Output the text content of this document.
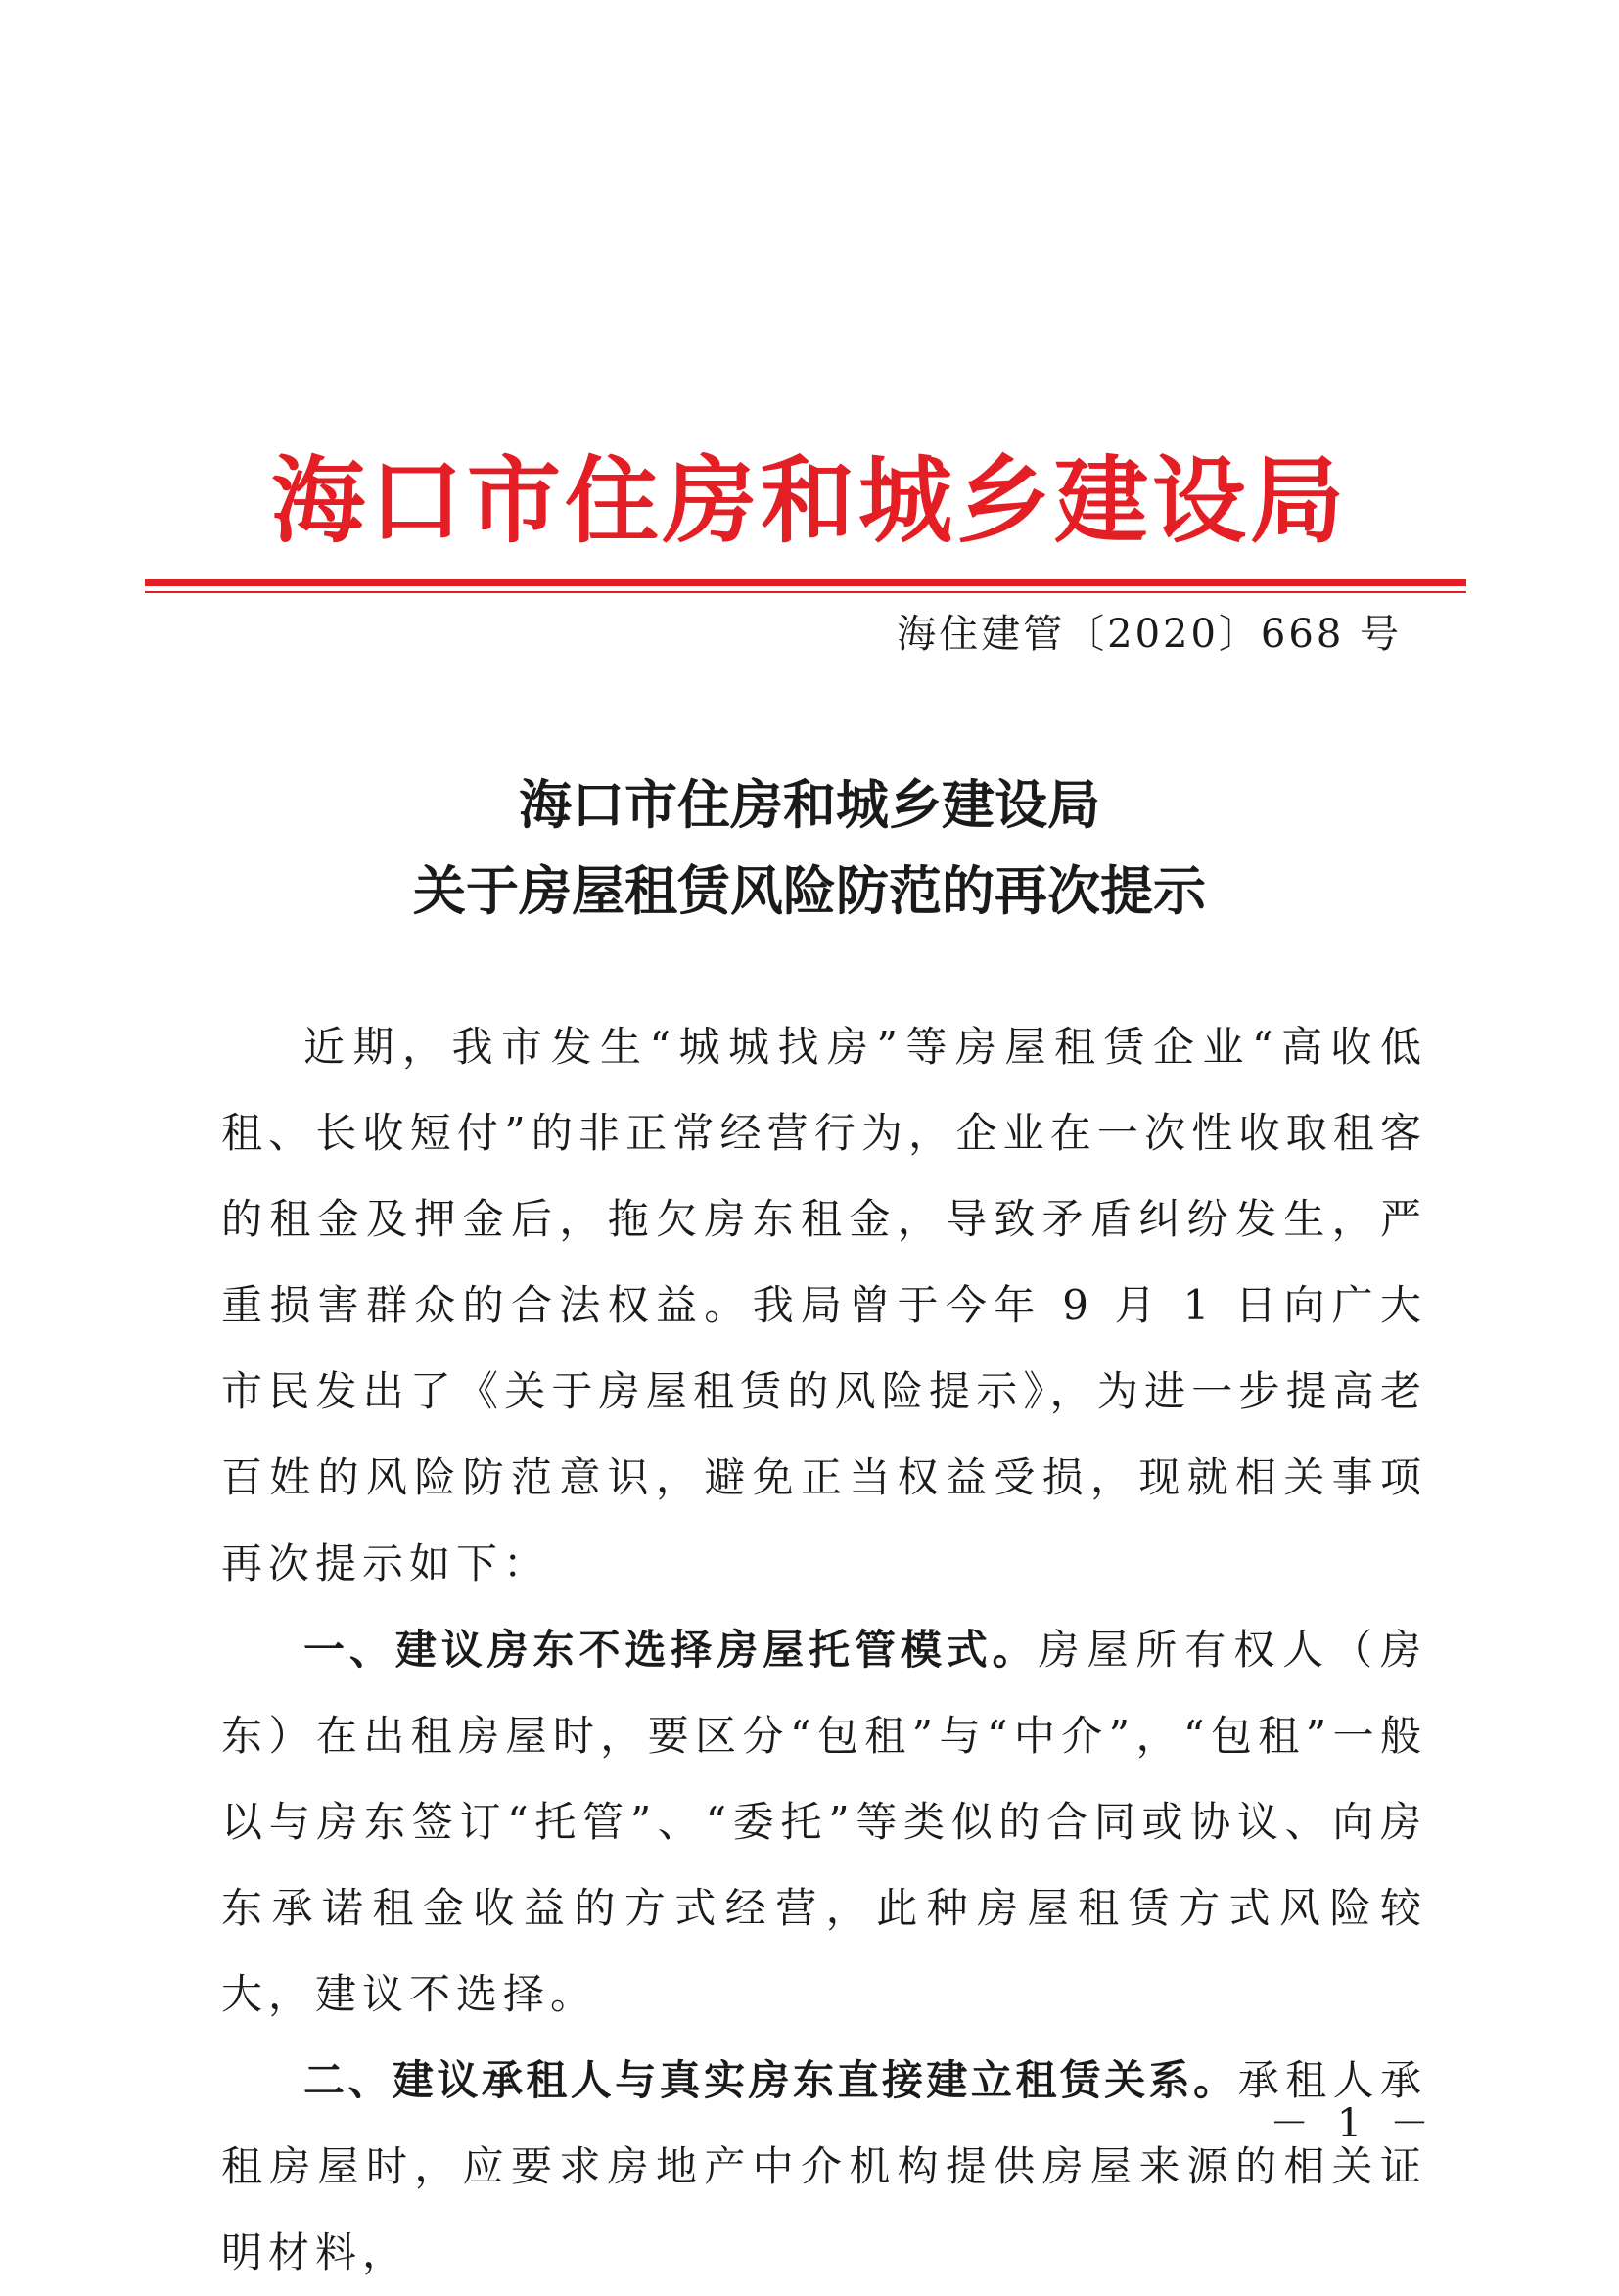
海口市住房和城乡建设局
海住建管〔2020〕668 号
海口市住房和城乡建设局
关于房屋租赁风险防范的再次提示

近期，我市发生“城城找房”等房屋租赁企业“高收低租、长收短付”的非正常经营行为，企业在一次性收取租客的租金及押金后，拖欠房东租金，导致矛盾纠纷发生，严重损害群众的合法权益。我局曾于今年 9 月 1 日向广大市民发出了《关于房屋租赁的风险提示》，为进一步提高老百姓的风险防范意识，避免正当权益受损，现就相关事项再次提示如下：

一、建议房东不选择房屋托管模式。房屋所有权人（房东）在出租房屋时，要区分“包租”与“中介”，“包租”一般以与房东签订“托管”、“委托”等类似的合同或协议、向房东承诺租金收益的方式经营，此种房屋租赁方式风险较大，建议不选择。

二、建议承租人与真实房东直接建立租赁关系。承租人承租房屋时，应要求房地产中介机构提供房屋来源的相关证明材料，

－ 1 －
